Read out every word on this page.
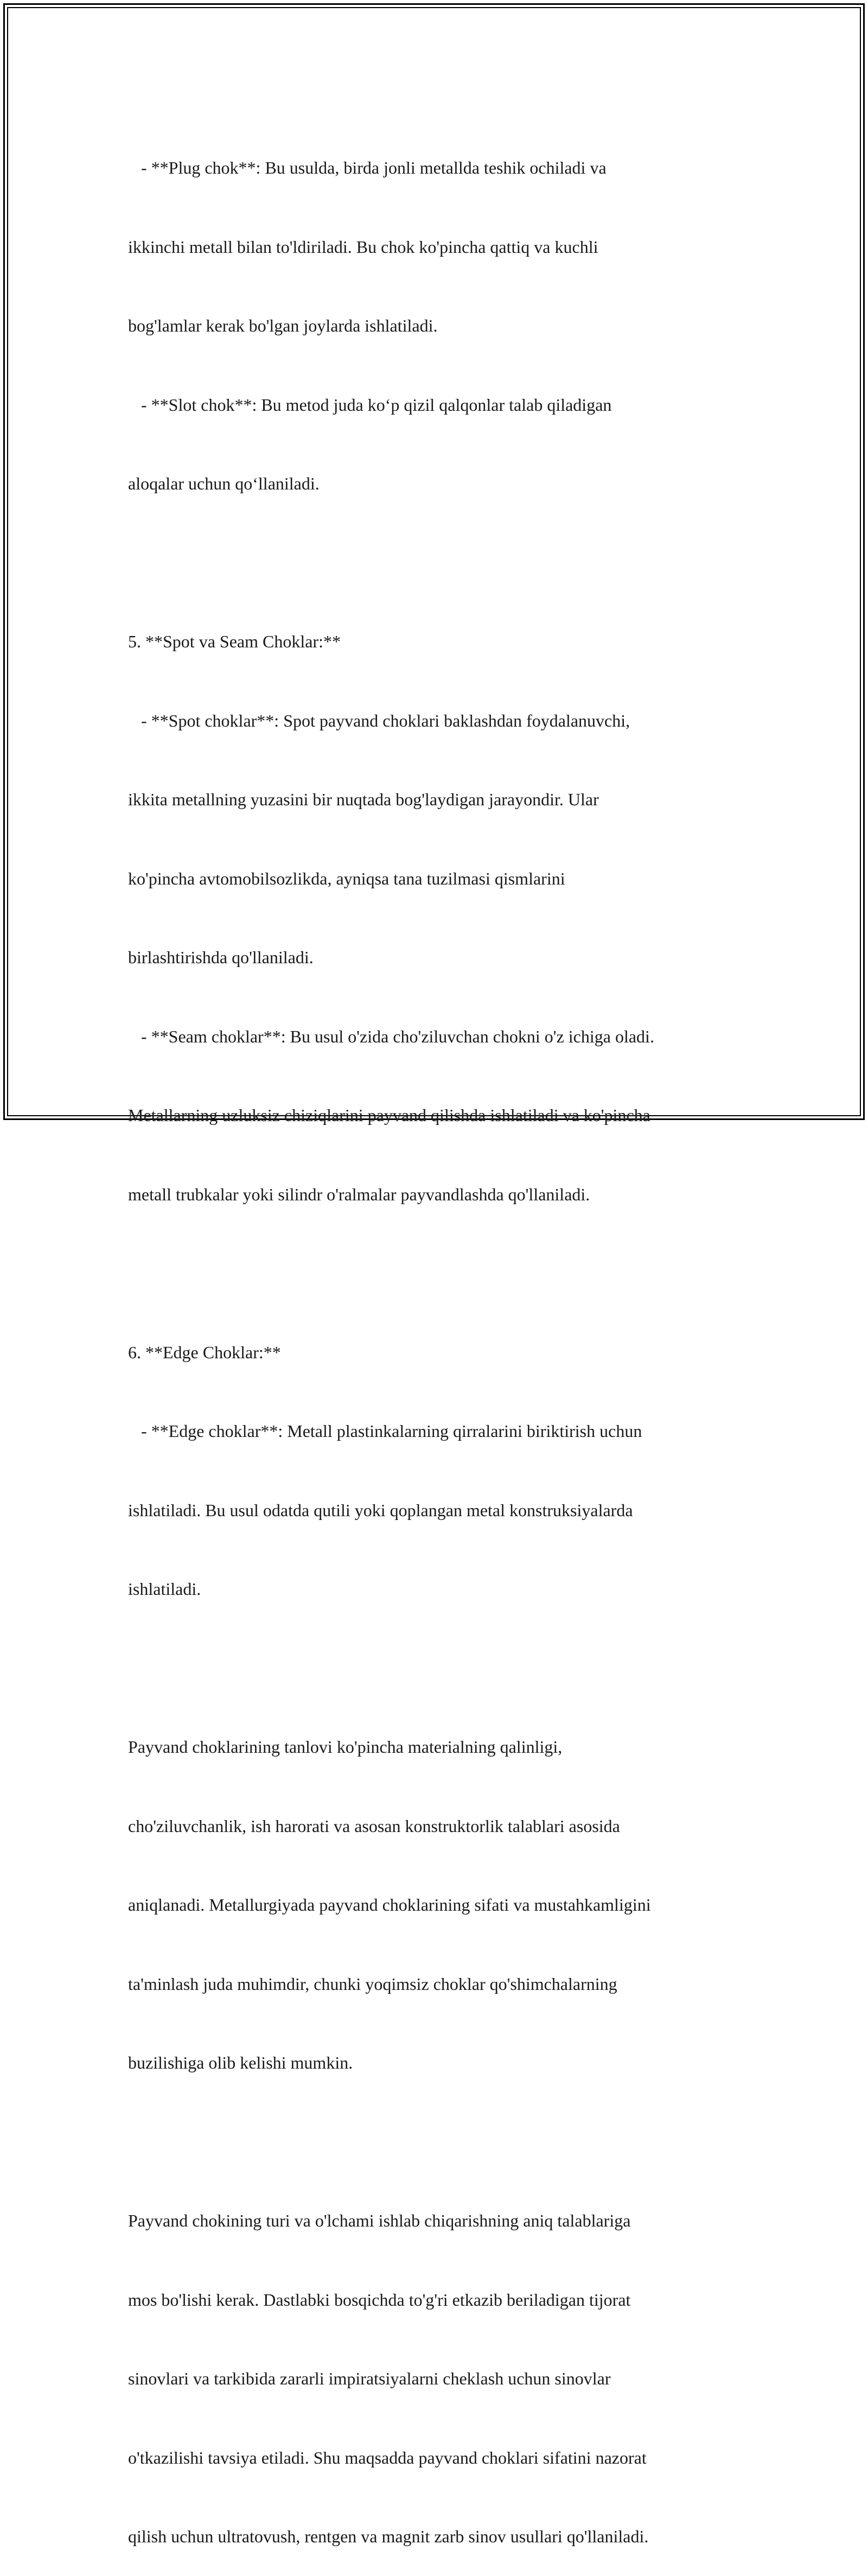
- **Plug chok**: Bu usulda, birda jonli metallda teshik ochiladi va

ikkinchi metall bilan to'ldiriladi. Bu chok ko'pincha qattiq va kuchli

bog'lamlar kerak bo'lgan joylarda ishlatiladi.

- **Slot chok**: Bu metod juda ko‘p qizil qalqonlar talab qiladigan

aloqalar uchun qo‘llaniladi.

5. **Spot va Seam Choklar:**

- **Spot choklar**: Spot payvand choklari baklashdan foydalanuvchi,

ikkita metallning yuzasini bir nuqtada bog'laydigan jarayondir. Ular

ko'pincha avtomobilsozlikda, ayniqsa tana tuzilmasi qismlarini

birlashtirishda qo'llaniladi.

- **Seam choklar**: Bu usul o'zida cho'ziluvchan chokni o'z ichiga oladi.

Metallarning uzluksiz chiziqlarini payvand qilishda ishlatiladi va ko'pincha

metall trubkalar yoki silindr o'ralmalar payvandlashda qo'llaniladi.

6. **Edge Choklar:**

- **Edge choklar**: Metall plastinkalarning qirralarini biriktirish uchun

ishlatiladi. Bu usul odatda qutili yoki qoplangan metal konstruksiyalarda

ishlatiladi.

Payvand choklarining tanlovi ko'pincha materialning qalinligi,

cho'ziluvchanlik, ish harorati va asosan konstruktorlik talablari asosida

aniqlanadi. Metallurgiyada payvand choklarining sifati va mustahkamligini

ta'minlash juda muhimdir, chunki yoqimsiz choklar qo'shimchalarning

buzilishiga olib kelishi mumkin.

Payvand chokining turi va o'lchami ishlab chiqarishning aniq talablariga

mos bo'lishi kerak. Dastlabki bosqichda to'g'ri etkazib beriladigan tijorat

sinovlari va tarkibida zararli impiratsiyalarni cheklash uchun sinovlar

o'tkazilishi tavsiya etiladi. Shu maqsadda payvand choklari sifatini nazorat

qilish uchun ultratovush, rentgen va magnit zarb sinov usullari qo'llaniladi.
